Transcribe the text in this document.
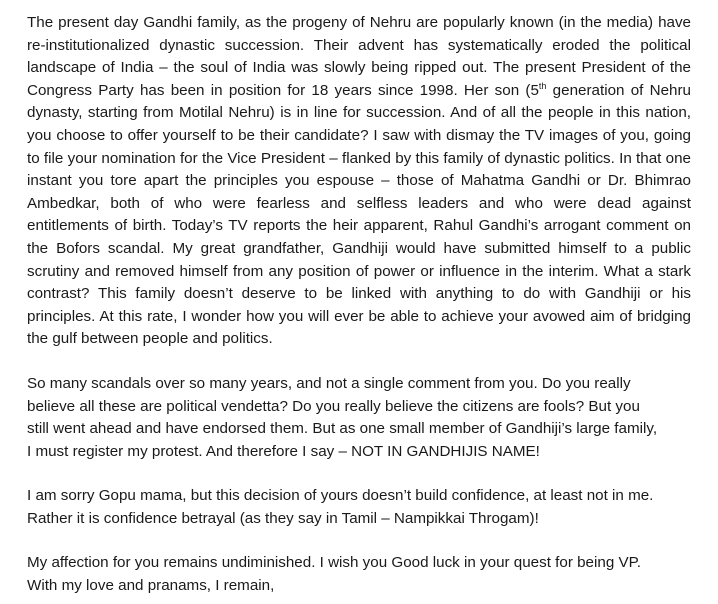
The present day Gandhi family, as the progeny of Nehru are popularly known (in the media) have re-institutionalized dynastic succession. Their advent has systematically eroded the political landscape of India – the soul of India was slowly being ripped out. The present President of the Congress Party has been in position for 18 years since 1998. Her son (5th generation of Nehru dynasty, starting from Motilal Nehru) is in line for succession. And of all the people in this nation, you choose to offer yourself to be their candidate? I saw with dismay the TV images of you, going to file your nomination for the Vice President – flanked by this family of dynastic politics. In that one instant you tore apart the principles you espouse – those of Mahatma Gandhi or Dr. Bhimrao Ambedkar, both of who were fearless and selfless leaders and who were dead against entitlements of birth. Today’s TV reports the heir apparent, Rahul Gandhi’s arrogant comment on the Bofors scandal. My great grandfather, Gandhiji would have submitted himself to a public scrutiny and removed himself from any position of power or influence in the interim. What a stark contrast? This family doesn’t deserve to be linked with anything to do with Gandhiji or his principles. At this rate, I wonder how you will ever be able to achieve your avowed aim of bridging the gulf between people and politics.

So many scandals over so many years, and not a single comment from you. Do you really
believe all these are political vendetta? Do you really believe the citizens are fools? But you
still went ahead and have endorsed them. But as one small member of Gandhiji’s large family,
I must register my protest. And therefore I say – NOT IN GANDHIJIS NAME!
I am sorry Gopu mama, but this decision of yours doesn’t build confidence, at least not in me.
Rather it is confidence betrayal (as they say in Tamil – Nampikkai Throgam)!
My affection for you remains undiminished. I wish you Good luck in your quest for being VP.
With my love and pranams, I remain,
